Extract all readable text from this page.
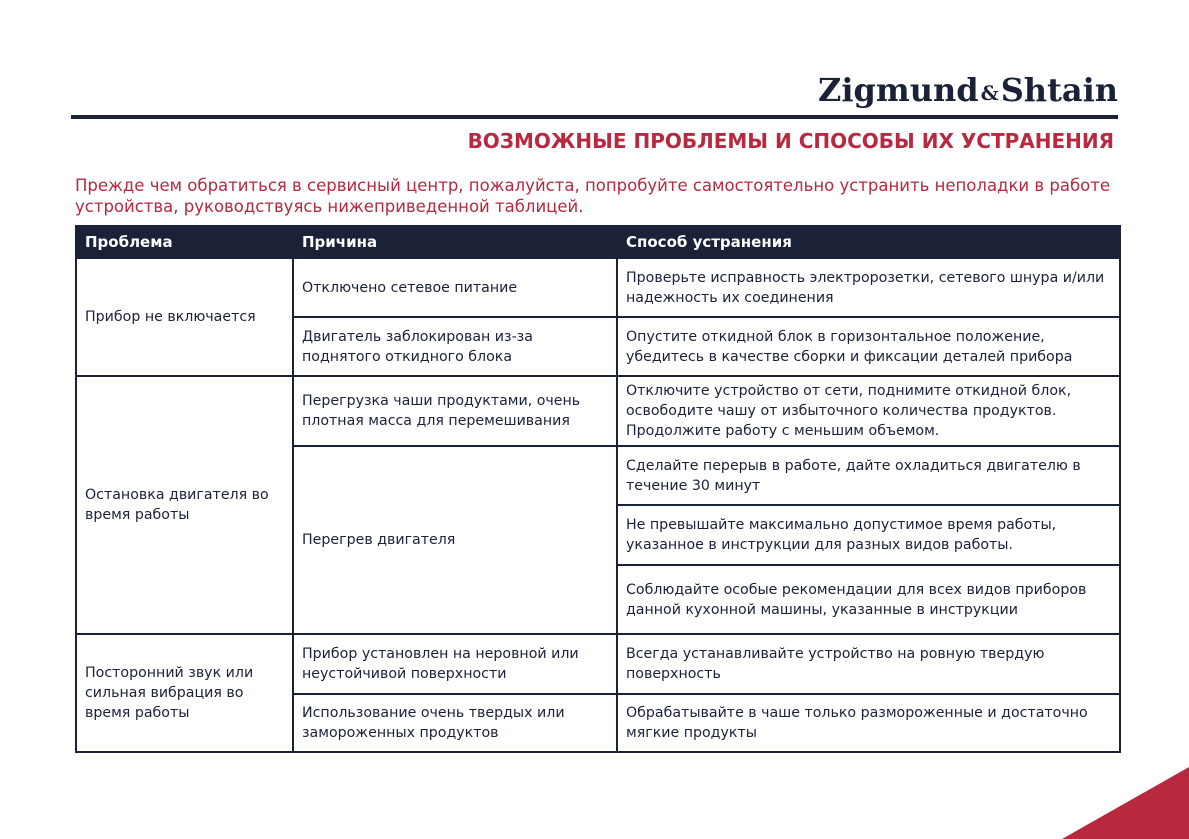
Zigmund &Shtain
ВОЗМОЖНЫЕ ПРОБЛЕМЫ И СПОСОБЫ ИХ УСТРАНЕНИЯ
Прежде чем обратиться в сервисный центр, пожалуйста, попробуйте самостоятельно устранить неполадки в работе устройства, руководствуясь нижеприведенной таблицей.
Проблема	Причина	Способ устранения
Прибор не включается	Отключено сетевое питание	Проверьте исправность электророзетки, сетевого шнура и/или надежность их соединения
	Двигатель заблокирован из-за поднятого откидного блока	Опустите откидной блок в горизонтальное положение, убедитесь в качестве сборки и фиксации деталей прибора
Остановка двигателя во время работы	Перегрузка чаши продуктами, очень плотная масса для перемешивания	Отключите устройство от сети, поднимите откидной блок, освободите чашу от избыточного количества продуктов. Продолжите работу с меньшим объемом.
	Перегрев двигателя	Сделайте перерыв в работе, дайте охладиться двигателю в течение 30 минут
		Не превышайте максимально допустимое время работы, указанное в инструкции для разных видов работы.
		Соблюдайте особые рекомендации для всех видов приборов данной кухонной машины, указанные в инструкции
Посторонний звук или сильная вибрация во время работы	Прибор установлен на неровной или неустойчивой поверхности	Всегда устанавливайте устройство на ровную твердую поверхность
	Использование очень твердых или замороженных продуктов	Обрабатывайте в чаше только размороженные и достаточно мягкие продукты
